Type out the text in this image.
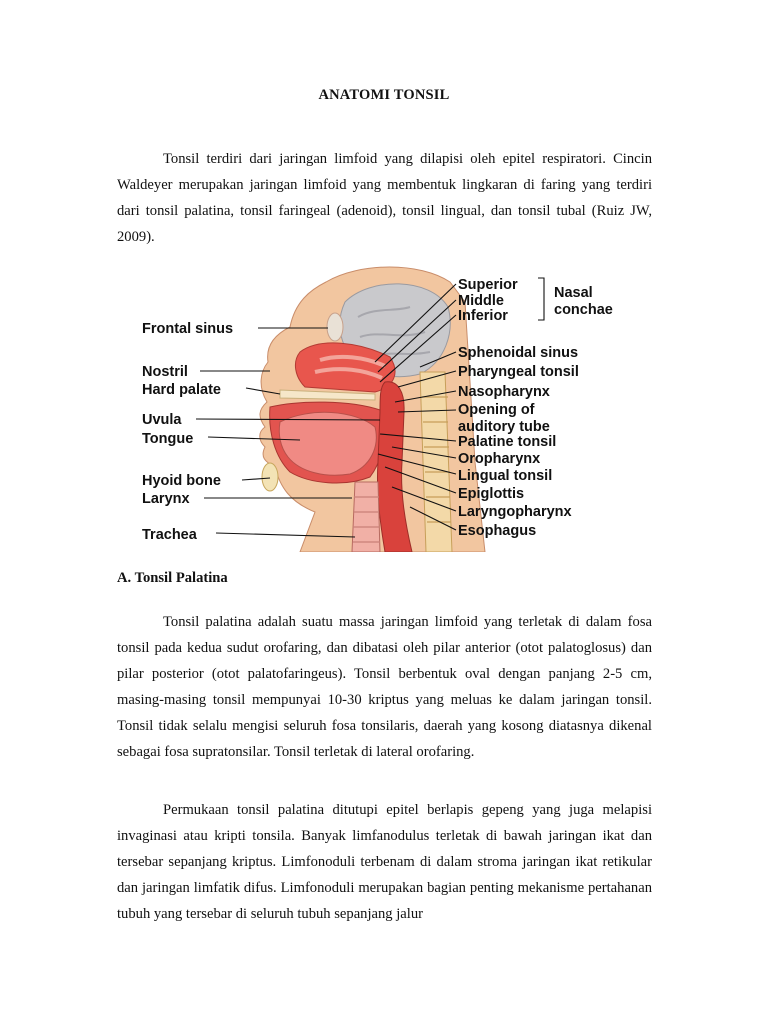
ANATOMI TONSIL
Tonsil terdiri dari jaringan limfoid yang dilapisi oleh epitel respiratori. Cincin Waldeyer merupakan jaringan limfoid yang membentuk lingkaran di faring yang terdiri dari tonsil palatina, tonsil faringeal (adenoid), tonsil lingual, dan tonsil tubal (Ruiz JW, 2009).
Frontal sinus
Nostril
Hard palate
Uvula
Tongue
Hyoid bone
Larynx
Trachea
Superior
Middle
Inferior
Nasal
conchae
Sphenoidal sinus
Pharyngeal tonsil
Nasopharynx
Opening of
auditory tube
Palatine tonsil
Oropharynx
Lingual tonsil
Epiglottis
Laryngopharynx
Esophagus
A. Tonsil Palatina
Tonsil palatina adalah suatu massa jaringan limfoid yang terletak di dalam fosa tonsil pada kedua sudut orofaring, dan dibatasi oleh pilar anterior (otot palatoglosus) dan pilar posterior (otot palatofaringeus). Tonsil berbentuk oval dengan panjang 2-5 cm, masing-masing tonsil mempunyai 10-30 kriptus yang meluas ke dalam jaringan tonsil. Tonsil tidak selalu mengisi seluruh fosa tonsilaris, daerah yang kosong diatasnya dikenal sebagai fosa supratonsilar. Tonsil terletak di lateral orofaring.
Permukaan tonsil palatina ditutupi epitel berlapis gepeng yang juga melapisi invaginasi atau kripti tonsila. Banyak limfanodulus terletak di bawah jaringan ikat dan tersebar sepanjang kriptus. Limfonoduli terbenam di dalam stroma jaringan ikat retikular dan jaringan limfatik difus. Limfonoduli merupakan bagian penting mekanisme pertahanan tubuh yang tersebar di seluruh tubuh sepanjang jalur
